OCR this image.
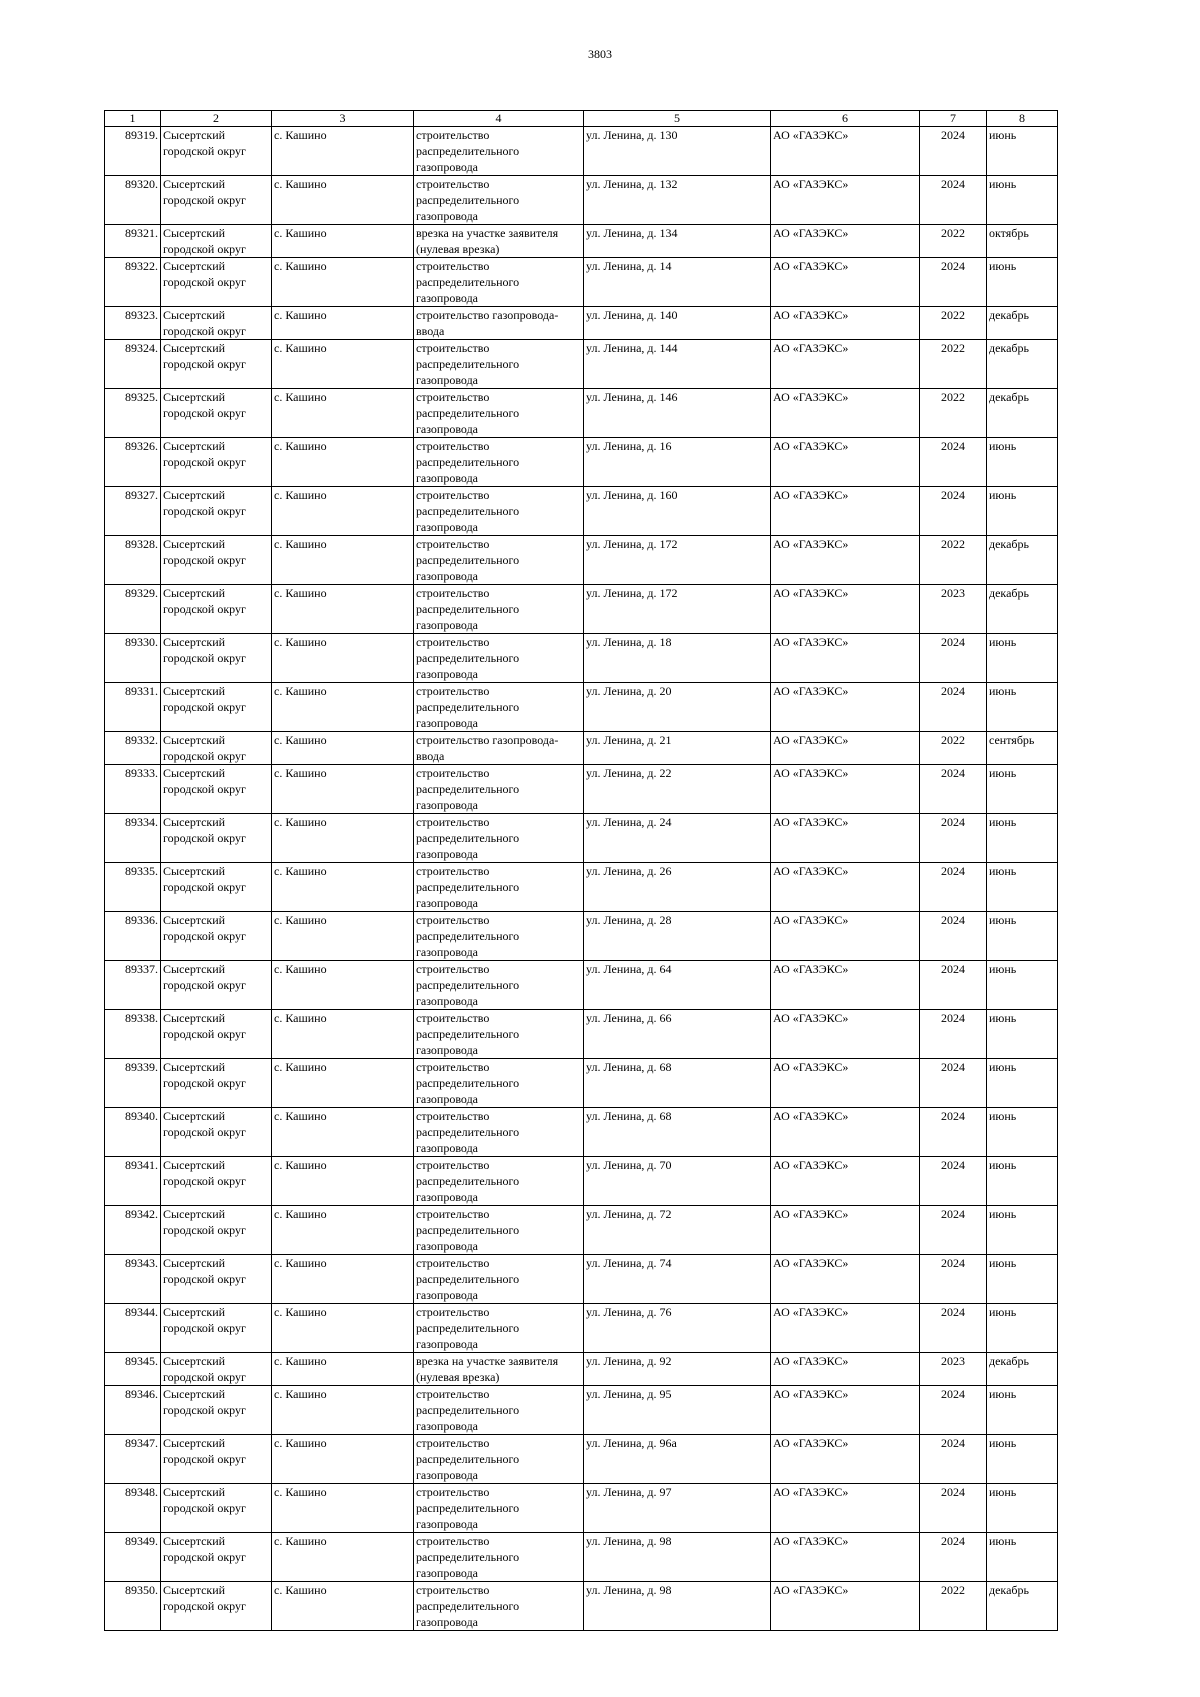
3803
1	2	3	4	5	6	7	8
89319.	Сысертский городской округ	с. Кашино	строительство распределительного газопровода	ул. Ленина, д. 130	АО «ГАЗЭКС»	2024	июнь
89320.	Сысертский городской округ	с. Кашино	строительство распределительного газопровода	ул. Ленина, д. 132	АО «ГАЗЭКС»	2024	июнь
89321.	Сысертский городской округ	с. Кашино	врезка на участке заявителя (нулевая врезка)	ул. Ленина, д. 134	АО «ГАЗЭКС»	2022	октябрь
89322.	Сысертский городской округ	с. Кашино	строительство распределительного газопровода	ул. Ленина, д. 14	АО «ГАЗЭКС»	2024	июнь
89323.	Сысертский городской округ	с. Кашино	строительство газопровода-ввода	ул. Ленина, д. 140	АО «ГАЗЭКС»	2022	декабрь
89324.	Сысертский городской округ	с. Кашино	строительство распределительного газопровода	ул. Ленина, д. 144	АО «ГАЗЭКС»	2022	декабрь
89325.	Сысертский городской округ	с. Кашино	строительство распределительного газопровода	ул. Ленина, д. 146	АО «ГАЗЭКС»	2022	декабрь
89326.	Сысертский городской округ	с. Кашино	строительство распределительного газопровода	ул. Ленина, д. 16	АО «ГАЗЭКС»	2024	июнь
89327.	Сысертский городской округ	с. Кашино	строительство распределительного газопровода	ул. Ленина, д. 160	АО «ГАЗЭКС»	2024	июнь
89328.	Сысертский городской округ	с. Кашино	строительство распределительного газопровода	ул. Ленина, д. 172	АО «ГАЗЭКС»	2022	декабрь
89329.	Сысертский городской округ	с. Кашино	строительство распределительного газопровода	ул. Ленина, д. 172	АО «ГАЗЭКС»	2023	декабрь
89330.	Сысертский городской округ	с. Кашино	строительство распределительного газопровода	ул. Ленина, д. 18	АО «ГАЗЭКС»	2024	июнь
89331.	Сысертский городской округ	с. Кашино	строительство распределительного газопровода	ул. Ленина, д. 20	АО «ГАЗЭКС»	2024	июнь
89332.	Сысертский городской округ	с. Кашино	строительство газопровода-ввода	ул. Ленина, д. 21	АО «ГАЗЭКС»	2022	сентябрь
89333.	Сысертский городской округ	с. Кашино	строительство распределительного газопровода	ул. Ленина, д. 22	АО «ГАЗЭКС»	2024	июнь
89334.	Сысертский городской округ	с. Кашино	строительство распределительного газопровода	ул. Ленина, д. 24	АО «ГАЗЭКС»	2024	июнь
89335.	Сысертский городской округ	с. Кашино	строительство распределительного газопровода	ул. Ленина, д. 26	АО «ГАЗЭКС»	2024	июнь
89336.	Сысертский городской округ	с. Кашино	строительство распределительного газопровода	ул. Ленина, д. 28	АО «ГАЗЭКС»	2024	июнь
89337.	Сысертский городской округ	с. Кашино	строительство распределительного газопровода	ул. Ленина, д. 64	АО «ГАЗЭКС»	2024	июнь
89338.	Сысертский городской округ	с. Кашино	строительство распределительного газопровода	ул. Ленина, д. 66	АО «ГАЗЭКС»	2024	июнь
89339.	Сысертский городской округ	с. Кашино	строительство распределительного газопровода	ул. Ленина, д. 68	АО «ГАЗЭКС»	2024	июнь
89340.	Сысертский городской округ	с. Кашино	строительство распределительного газопровода	ул. Ленина, д. 68	АО «ГАЗЭКС»	2024	июнь
89341.	Сысертский городской округ	с. Кашино	строительство распределительного газопровода	ул. Ленина, д. 70	АО «ГАЗЭКС»	2024	июнь
89342.	Сысертский городской округ	с. Кашино	строительство распределительного газопровода	ул. Ленина, д. 72	АО «ГАЗЭКС»	2024	июнь
89343.	Сысертский городской округ	с. Кашино	строительство распределительного газопровода	ул. Ленина, д. 74	АО «ГАЗЭКС»	2024	июнь
89344.	Сысертский городской округ	с. Кашино	строительство распределительного газопровода	ул. Ленина, д. 76	АО «ГАЗЭКС»	2024	июнь
89345.	Сысертский городской округ	с. Кашино	врезка на участке заявителя (нулевая врезка)	ул. Ленина, д. 92	АО «ГАЗЭКС»	2023	декабрь
89346.	Сысертский городской округ	с. Кашино	строительство распределительного газопровода	ул. Ленина, д. 95	АО «ГАЗЭКС»	2024	июнь
89347.	Сысертский городской округ	с. Кашино	строительство распределительного газопровода	ул. Ленина, д. 96а	АО «ГАЗЭКС»	2024	июнь
89348.	Сысертский городской округ	с. Кашино	строительство распределительного газопровода	ул. Ленина, д. 97	АО «ГАЗЭКС»	2024	июнь
89349.	Сысертский городской округ	с. Кашино	строительство распределительного газопровода	ул. Ленина, д. 98	АО «ГАЗЭКС»	2024	июнь
89350.	Сысертский городской округ	с. Кашино	строительство распределительного газопровода	ул. Ленина, д. 98	АО «ГАЗЭКС»	2022	декабрь
